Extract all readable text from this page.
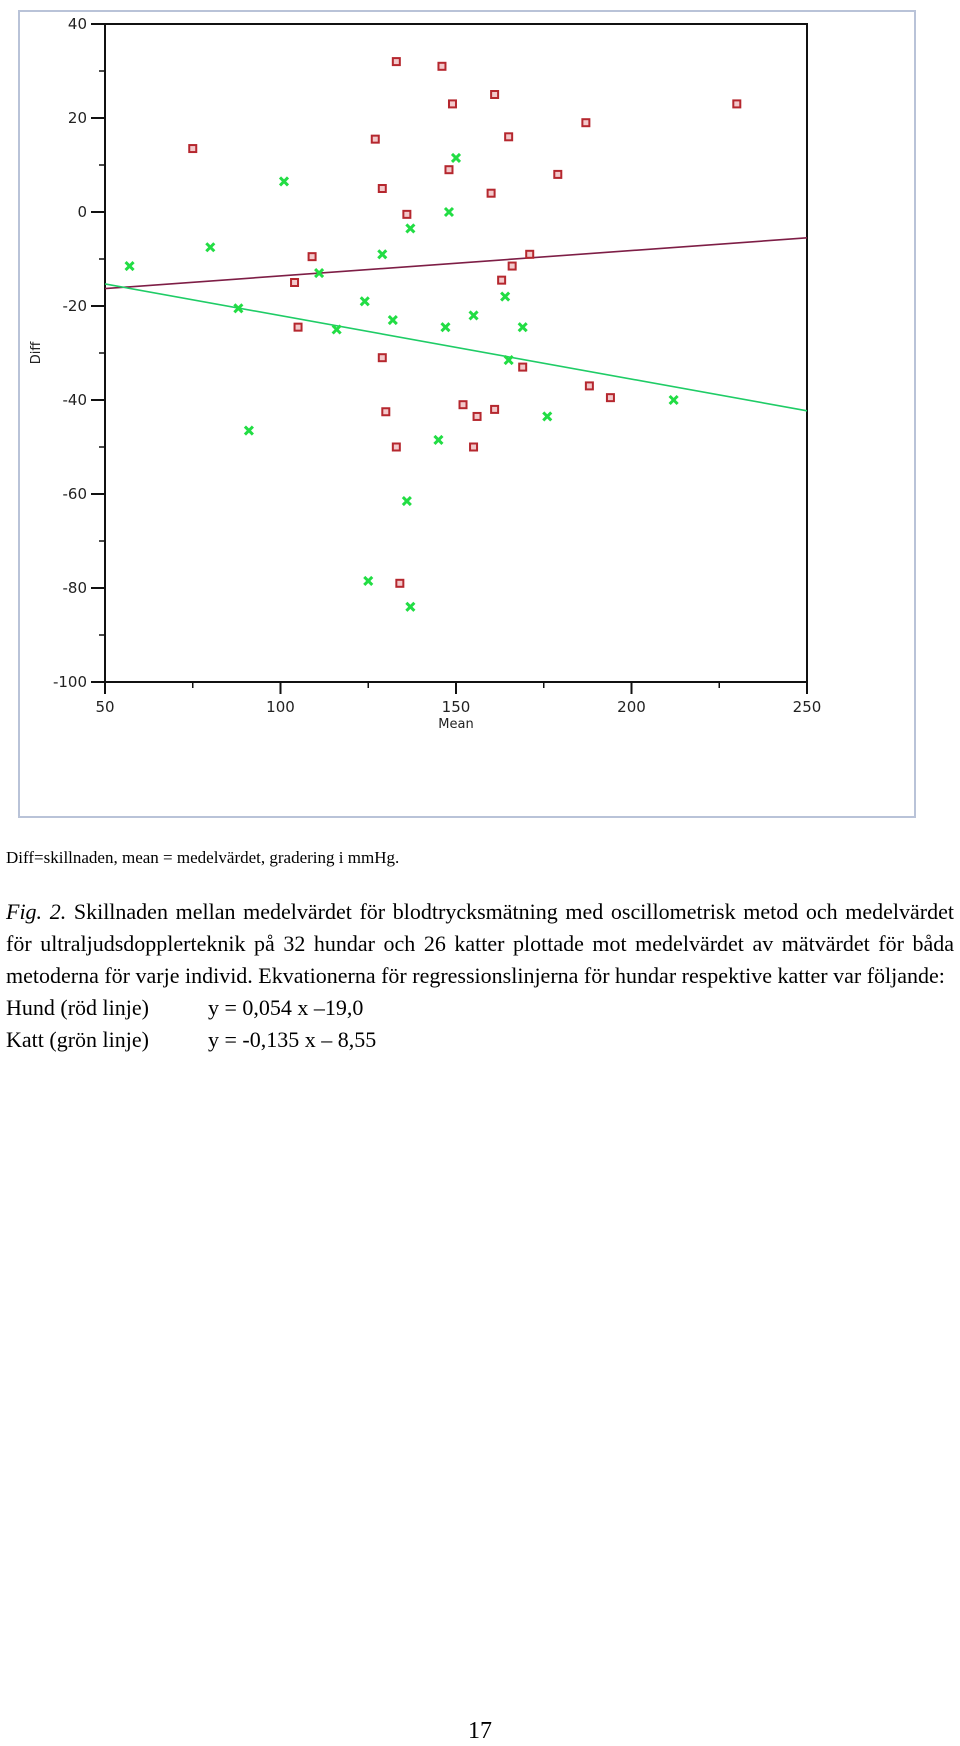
40
20
0
-20
-40
-60
-80
-100
50	100	150	200	250
Mean
Diff
Diff=skillnaden, mean = medelvärdet, gradering i mmHg.
Fig. 2. Skillnaden mellan medelvärdet för blodtrycksmätning med oscillometrisk metod och medelvärdet för ultraljudsdopplerteknik på 32 hundar och 26 katter plottade mot medelvärdet av mätvärdet för båda metoderna för varje individ. Ekvationerna för regressionslinjerna för hundar respektive katter var följande:
Hund (röd linje)	y = 0,054 x –19,0
Katt (grön linje)	y = -0,135 x – 8,55
17
